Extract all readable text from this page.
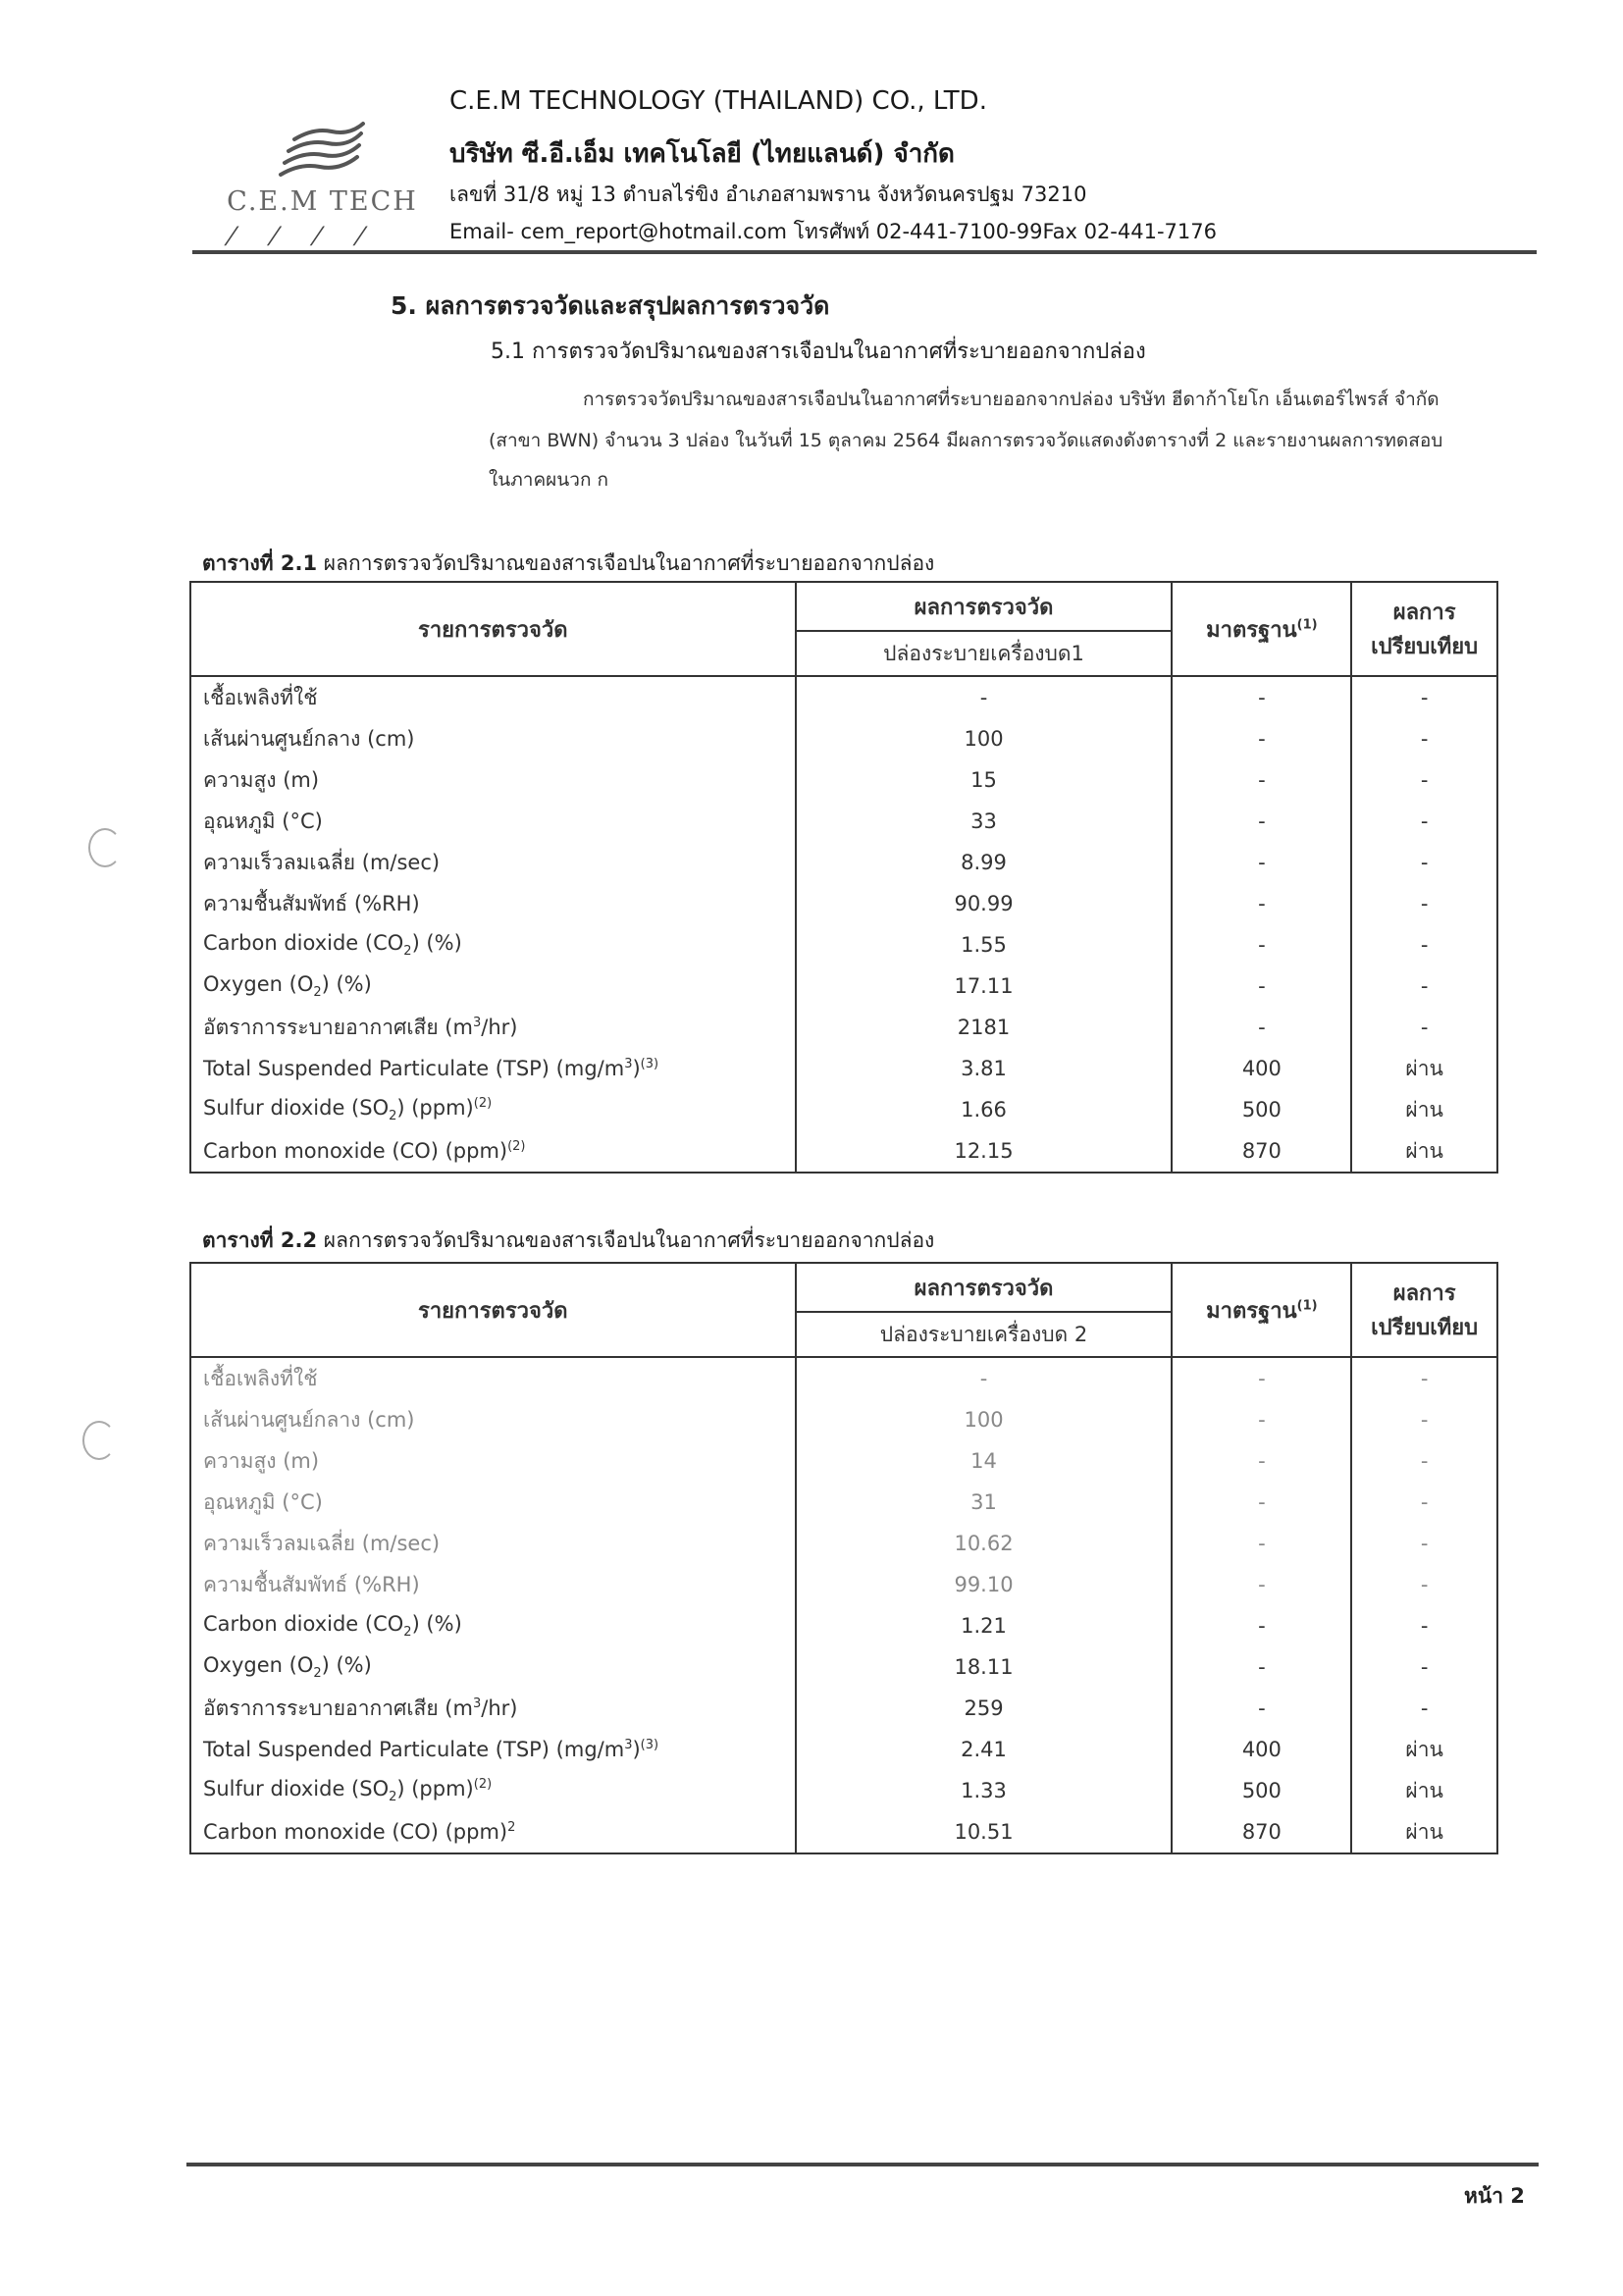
C.E.M TECH
/ / / /
C.E.M TECHNOLOGY (THAILAND) CO., LTD.
บริษัท ซี.อี.เอ็ม เทคโนโลยี (ไทยแลนด์) จำกัด
เลขที่ 31/8 หมู่ 13 ตำบลไร่ขิง อำเภอสามพราน จังหวัดนครปฐม 73210
Email- cem_report@hotmail.com โทรศัพท์ 02-441-7100-99Fax 02-441-7176
5. ผลการตรวจวัดและสรุปผลการตรวจวัด
5.1 การตรวจวัดปริมาณของสารเจือปนในอากาศที่ระบายออกจากปล่อง
การตรวจวัดปริมาณของสารเจือปนในอากาศที่ระบายออกจากปล่อง บริษัท ฮีดาก้าโยโก เอ็นเตอร์ไพรส์ จำกัด
(สาขา BWN) จำนวน 3 ปล่อง ในวันที่ 15 ตุลาคม 2564 มีผลการตรวจวัดแสดงดังตารางที่ 2 และรายงานผลการทดสอบ
ในภาคผนวก ก
ตารางที่ 2.1 ผลการตรวจวัดปริมาณของสารเจือปนในอากาศที่ระบายออกจากปล่อง
รายการตรวจวัด	ผลการตรวจวัด	มาตรฐาน$^{(1)}$	ผลการ
เปรียบเทียบ

	ปล่องระบายเครื่องบด1		
เชื้อเพลิงที่ใช้	-	-	-
เส้นผ่านศูนย์กลาง (cm)	100	-	-
ความสูง (m)	15	-	-
อุณหภูมิ (°C)	33	-	-
ความเร็วลมเฉลี่ย (m/sec)	8.99	-	-
ความชื้นสัมพัทธ์ (%RH)	90.99	-	-
Carbon dioxide $(CO_2)$ (%)	1.55	-	-
Oxygen $(O_2)$ (%)	17.11	-	-
อัตราการระบายอากาศเสีย $(m^3/hr)$	2181	-	-
Total Suspended Particulate (TSP) $(mg/m^3)^{(3)}$	3.81	400	ผ่าน
Sulfur dioxide $(SO_2)$ (ppm)$^{(2)}$	1.66	500	ผ่าน
Carbon monoxide (CO) (ppm)$^{(2)}$	12.15	870	ผ่าน
ตารางที่ 2.2 ผลการตรวจวัดปริมาณของสารเจือปนในอากาศที่ระบายออกจากปล่อง
รายการตรวจวัด	ผลการตรวจวัด	มาตรฐาน$^{(1)}$	ผลการ
เปรียบเทียบ

	ปล่องระบายเครื่องบด 2		
เชื้อเพลิงที่ใช้	-	-	-
เส้นผ่านศูนย์กลาง (cm)	100	-	-
ความสูง (m)	14	-	-
อุณหภูมิ (°C)	31	-	-
ความเร็วลมเฉลี่ย (m/sec)	10.62	-	-
ความชื้นสัมพัทธ์ (%RH)	99.10	-	-
Carbon dioxide $(CO_2)$ (%)	1.21	-	-
Oxygen $(O_2)$ (%)	18.11	-	-
อัตราการระบายอากาศเสีย $(m^3/hr)$	259	-	-
Total Suspended Particulate (TSP) $(mg/m^3)^{(3)}$	2.41	400	ผ่าน
Sulfur dioxide $(SO_2)$ (ppm)$^{(2)}$	1.33	500	ผ่าน
Carbon monoxide (CO) (ppm)$^2$	10.51	870	ผ่าน
หน้า 2
